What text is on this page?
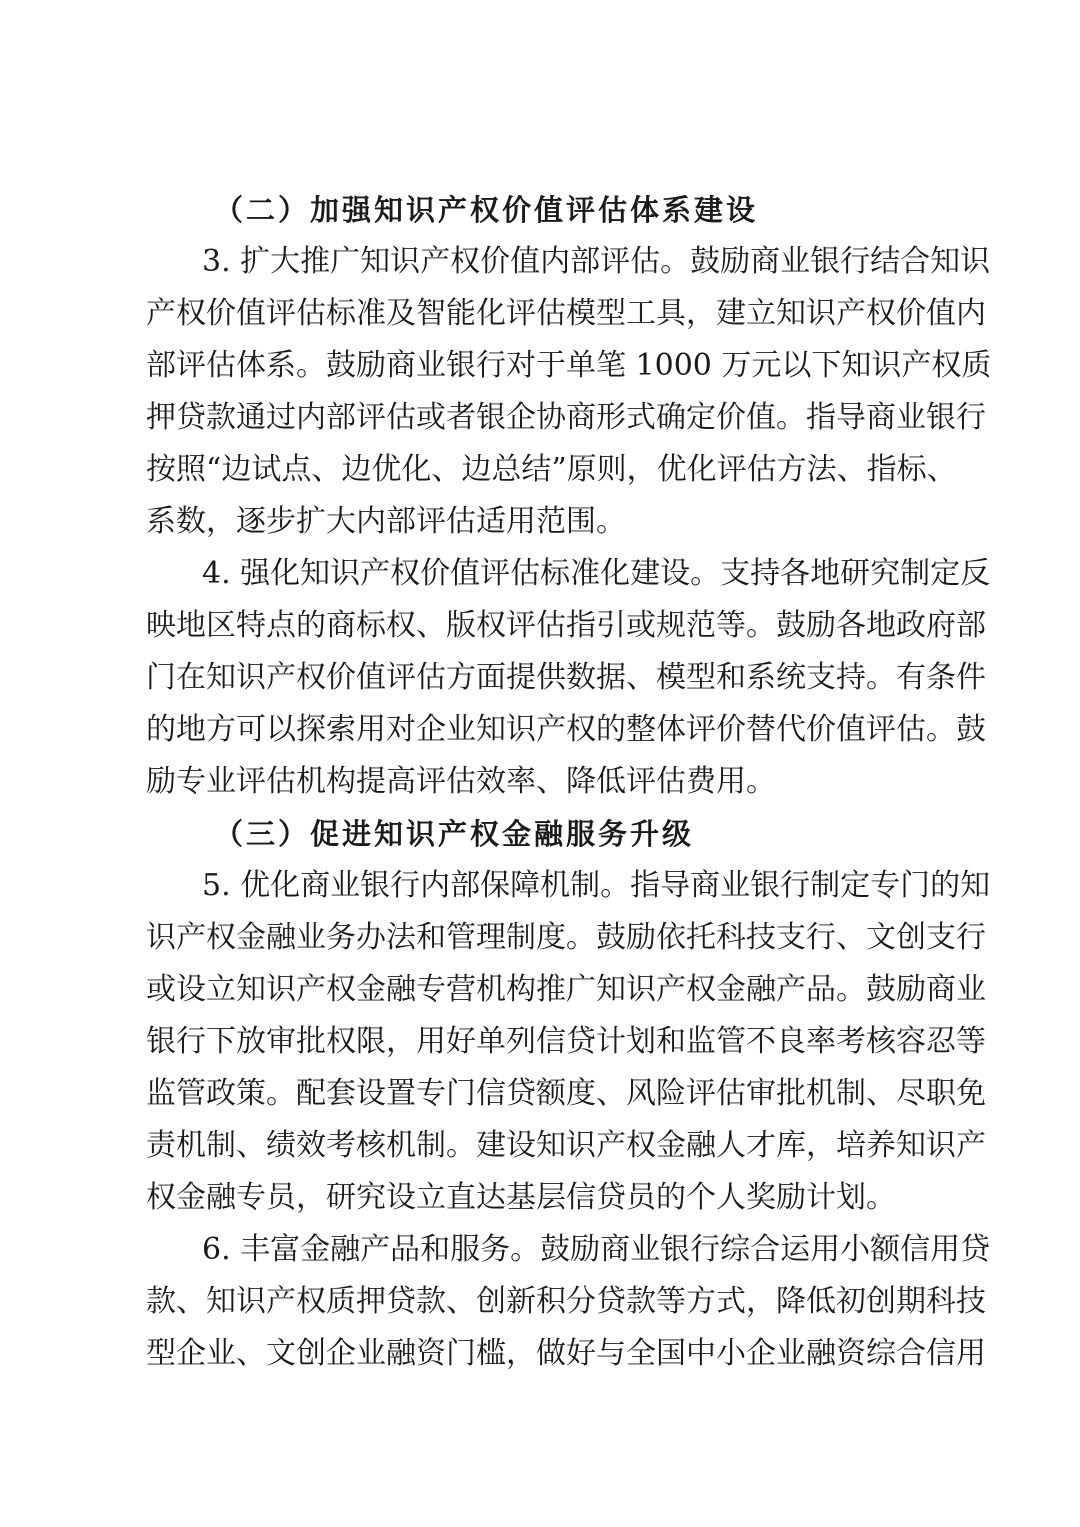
（二）加强知识产权价值评估体系建设
3. 扩大推广知识产权价值内部评估。鼓励商业银行结合知识
产权价值评估标准及智能化评估模型工具，建立知识产权价值内
部评估体系。鼓励商业银行对于单笔 1000 万元以下知识产权质
押贷款通过内部评估或者银企协商形式确定价值。指导商业银行
按照“边试点、边优化、边总结”原则，优化评估方法、指标、
系数，逐步扩大内部评估适用范围。
4. 强化知识产权价值评估标准化建设。支持各地研究制定反
映地区特点的商标权、版权评估指引或规范等。鼓励各地政府部
门在知识产权价值评估方面提供数据、模型和系统支持。有条件
的地方可以探索用对企业知识产权的整体评价替代价值评估。鼓
励专业评估机构提高评估效率、降低评估费用。
（三）促进知识产权金融服务升级
5. 优化商业银行内部保障机制。指导商业银行制定专门的知
识产权金融业务办法和管理制度。鼓励依托科技支行、文创支行
或设立知识产权金融专营机构推广知识产权金融产品。鼓励商业
银行下放审批权限，用好单列信贷计划和监管不良率考核容忍等
监管政策。配套设置专门信贷额度、风险评估审批机制、尽职免
责机制、绩效考核机制。建设知识产权金融人才库，培养知识产
权金融专员，研究设立直达基层信贷员的个人奖励计划。
6. 丰富金融产品和服务。鼓励商业银行综合运用小额信用贷
款、知识产权质押贷款、创新积分贷款等方式，降低初创期科技
型企业、文创企业融资门槛，做好与全国中小企业融资综合信用
